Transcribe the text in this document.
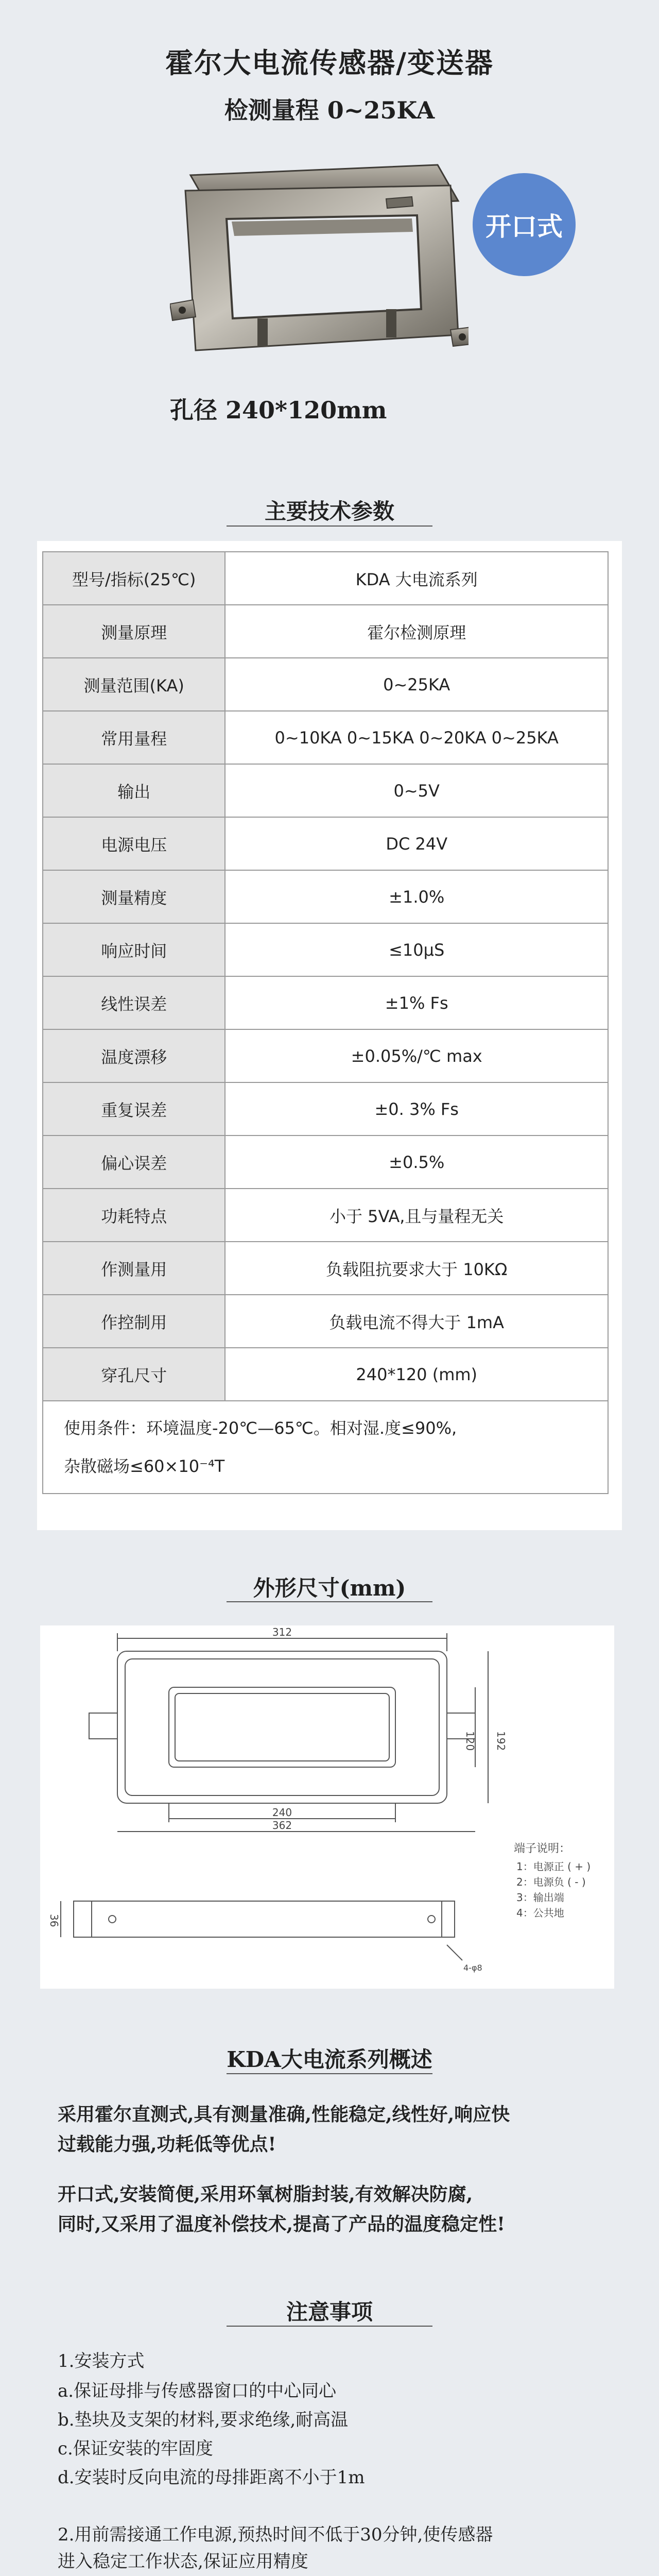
霍尔大电流传感器/变送器
检测量程 0~25KA
开口式
孔径 240*120mm
主要技术参数
型号/指标(25℃)	KDA 大电流系列
测量原理	霍尔检测原理
测量范围(KA)	0~25KA
常用量程	0~10KA 0~15KA 0~20KA 0~25KA
输出	0~5V
电源电压	DC 24V
测量精度	±1.0%
响应时间	≤10μS
线性误差	±1% Fs
温度漂移	±0.05%/℃ max
重复误差	±0. 3% Fs
偏心误差	±0.5%
功耗特点	小于 5VA,且与量程无关
作测量用	负载阻抗要求大于 10KΩ
作控制用	负载电流不得大于 1mA
穿孔尺寸	240*120 (mm)

使用条件：环境温度-20℃—65℃。相对湿.度≤90%,
杂散磁场≤60×10⁻⁴T	
外形尺寸(mm)
312
240
362
192
120
36
4-φ8
端子说明：
1：电源正 ( + )
2：电源负 ( - )
3：输出端
4：公共地
KDA大电流系列概述
采用霍尔直测式,具有测量准确,性能稳定,线性好,响应快
过载能力强,功耗低等优点!
开口式,安装简便,采用环氧树脂封装,有效解决防腐,
同时,又采用了温度补偿技术,提高了产品的温度稳定性!
注意事项
1.安装方式
a.保证母排与传感器窗口的中心同心
b.垫块及支架的材料,要求绝缘,耐高温
c.保证安装的牢固度
d.安装时反向电流的母排距离不小于1m
2.用前需接通工作电源,预热时间不低于30分钟,使传感器
进入稳定工作状态,保证应用精度
